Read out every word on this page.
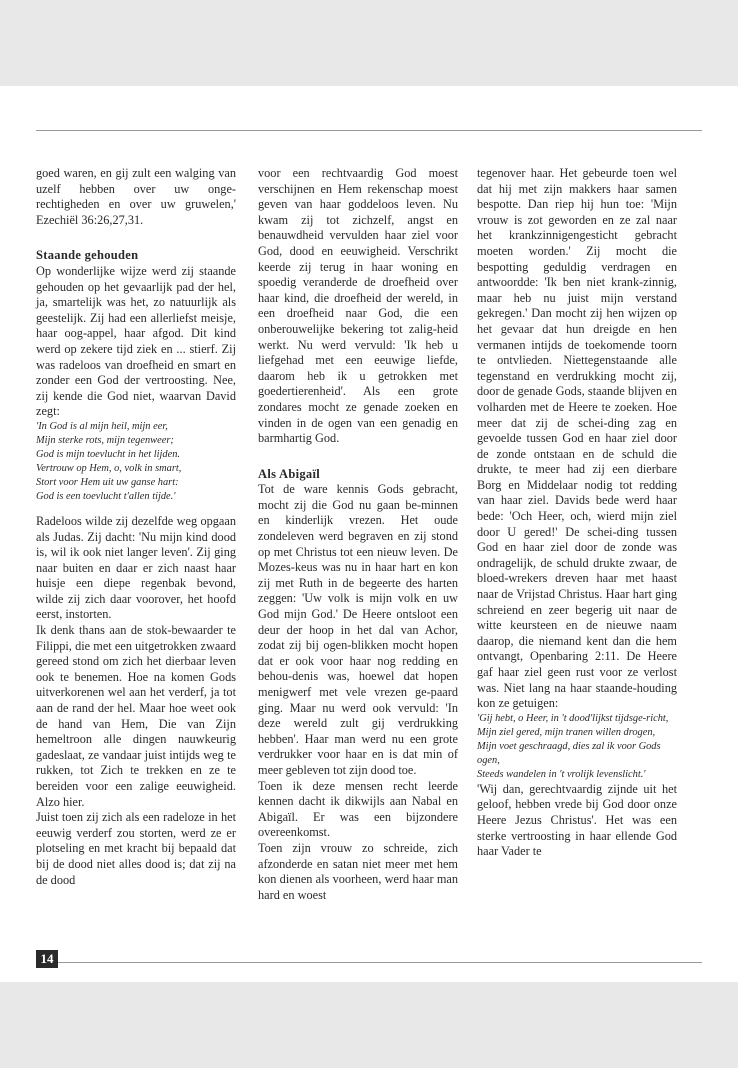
goed waren, en gij zult een walging van uzelf hebben over uw onge-rechtigheden en over uw gruwelen,' Ezechiël 36:26,27,31.

Staande gehouden

Op wonderlijke wijze werd zij staande gehouden op het gevaarlijk pad der hel, ja, smartelijk was het, zo natuurlijk als geestelijk. Zij had een allerliefst meisje, haar oog-appel, haar afgod. Dit kind werd op zekere tijd ziek en ... stierf. Zij was radeloos van droefheid en smart en zonder een God der vertroosting. Nee, zij kende die God niet, waarvan David zegt:

'In God is al mijn heil, mijn eer,
Mijn sterke rots, mijn tegenweer;
God is mijn toevlucht in het lijden.
Vertrouw op Hem, o, volk in smart,
Stort voor Hem uit uw ganse hart:
God is een toevlucht t'allen tijde.'

Radeloos wilde zij dezelfde weg opgaan als Judas. Zij dacht: 'Nu mijn kind dood is, wil ik ook niet langer leven'. Zij ging naar buiten en daar er zich naast haar huisje een diepe regenbak bevond, wilde zij zich daar voorover, het hoofd eerst, instorten.

Ik denk thans aan de stok-bewaarder te Filippi, die met een uitgetrokken zwaard gereed stond om zich het dierbaar leven ook te benemen. Hoe na komen Gods uitverkorenen wel aan het verderf, ja tot aan de rand der hel. Maar hoe weet ook de hand van Hem, Die van Zijn hemeltroon alle dingen nauwkeurig gadeslaat, ze vandaar juist intijds weg te rukken, tot Zich te trekken en ze te bereiden voor een zalige eeuwigheid. Alzo hier.

Juist toen zij zich als een radeloze in het eeuwig verderf zou storten, werd ze er plotseling en met kracht bij bepaald dat bij de dood niet alles dood is; dat zij na de dood

voor een rechtvaardig God moest verschijnen en Hem rekenschap moest geven van haar goddeloos leven. Nu kwam zij tot zichzelf, angst en benauwdheid vervulden haar ziel voor God, dood en eeuwigheid. Verschrikt keerde zij terug in haar woning en spoedig veranderde de droefheid over haar kind, die droefheid der wereld, in een droefheid naar God, die een onberouwelijke bekering tot zalig-heid werkt. Nu werd vervuld: 'Ik heb u liefgehad met een eeuwige liefde, daarom heb ik u getrokken met goedertierenheid'. Als een grote zondares mocht ze genade zoeken en vinden in de ogen van een genadig en barmhartig God.

Als Abigaïl

Tot de ware kennis Gods gebracht, mocht zij die God nu gaan be-minnen en kinderlijk vrezen. Het oude zondeleven werd begraven en zij stond op met Christus tot een nieuw leven. De Mozes-keus was nu in haar hart en kon zij met Ruth in de begeerte des harten zeggen: 'Uw volk is mijn volk en uw God mijn God.' De Heere ontsloot een deur der hoop in het dal van Achor, zodat zij bij ogen-blikken mocht hopen dat er ook voor haar nog redding en behou-denis was, hoewel dat hopen menigwerf met vele vrezen ge-paard ging. Maar nu werd ook vervuld: 'In deze wereld zult gij verdrukking hebben'. Haar man werd nu een grote verdrukker voor haar en is dat min of meer gebleven tot zijn dood toe.

Toen ik deze mensen recht leerde kennen dacht ik dikwijls aan Nabal en Abigaïl. Er was een bijzondere overeenkomst.

Toen zijn vrouw zo schreide, zich afzonderde en satan niet meer met hem kon dienen als voorheen, werd haar man hard en woest

tegenover haar. Het gebeurde toen wel dat hij met zijn makkers haar samen bespotte. Dan riep hij hun toe: 'Mijn vrouw is zot geworden en ze zal naar het krankzinnigengesticht gebracht moeten worden.' Zij mocht die bespotting geduldig verdragen en antwoordde: 'Ik ben niet krank-zinnig, maar heb nu juist mijn verstand gekregen.' Dan mocht zij hen wijzen op het gevaar dat hun dreigde en hen vermanen intijds de toekomende toorn te ontvlieden. Niettegenstaande alle tegenstand en verdrukking mocht zij, door de genade Gods, staande blijven en volharden met de Heere te zoeken. Hoe meer dat zij de schei-ding zag en gevoelde tussen God en haar ziel door de zonde ontstaan en de schuld die drukte, te meer had zij een dierbare Borg en Middelaar nodig tot redding van haar ziel. Davids bede werd haar bede: 'Och Heer, och, wierd mijn ziel door U gered!' De schei-ding tussen God en haar ziel door de zonde was ondragelijk, de schuld drukte zwaar, de bloed-wrekers dreven haar met haast naar de Vrijstad Christus. Haar hart ging schreiend en zeer begerig uit naar de witte keursteen en de nieuwe naam daarop, die niemand kent dan die hem ontvangt, Openbaring 2:11. De Heere gaf haar ziel geen rust voor ze verlost was. Niet lang na haar staande-houding kon ze getuigen:

'Gij hebt, o Heer, in 't dood'lijkst tijdsge-richt,
Mijn ziel gered, mijn tranen willen drogen,
Mijn voet geschraagd, dies zal ik voor Gods ogen,
Steeds wandelen in 't vrolijk levenslicht.'

'Wij dan, gerechtvaardig zijnde uit het geloof, hebben vrede bij God door onze Heere Jezus Christus'. Het was een sterke vertroosting in haar ellende God haar Vader te

14
